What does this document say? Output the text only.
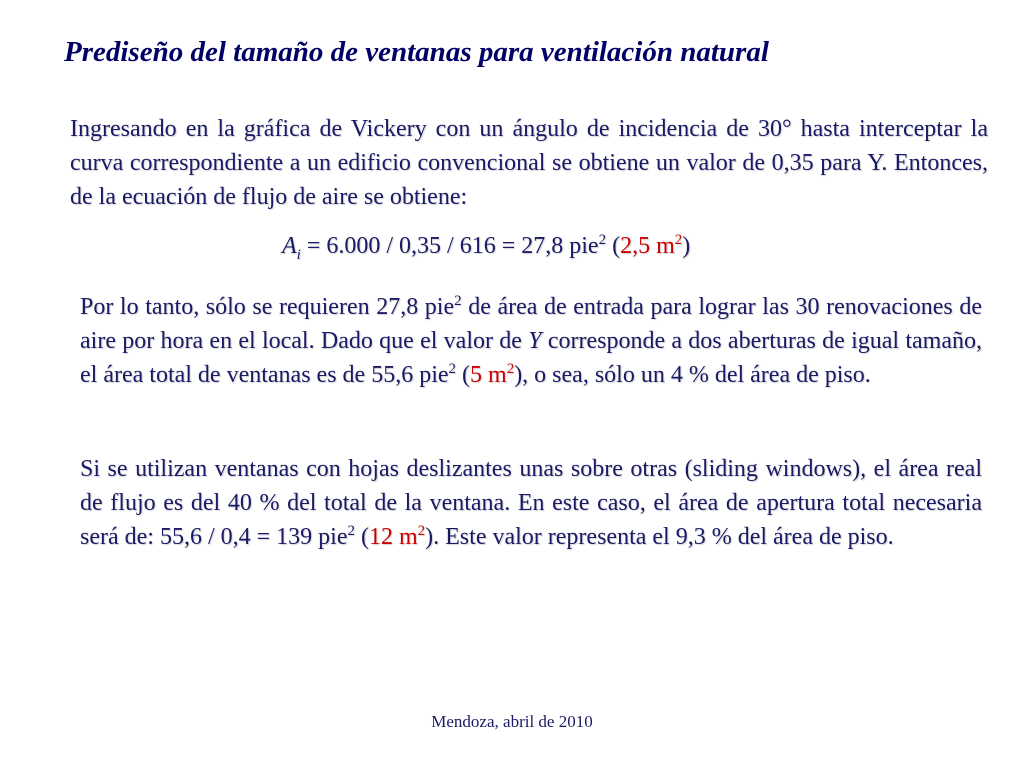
Prediseño del tamaño de ventanas para ventilación natural
Ingresando en la gráfica de Vickery con un ángulo de incidencia de 30° hasta interceptar la curva correspondiente a un edificio convencional se obtiene un valor de 0,35 para Y. Entonces, de la ecuación de flujo de aire se obtiene:
$A_i = 6.000 / 0,35 / 616 = 27,8$ pie$^2$ (2,5 $m^2$)
Por lo tanto, sólo se requieren 27,8 pie$^2$ de área de entrada para lograr las 30 renovaciones de aire por hora en el local. Dado que el valor de Y corresponde a dos aberturas de igual tamaño, el área total de ventanas es de 55,6 pie$^2$ (5 $m^2$), o sea, sólo un 4 % del área de piso.
Si se utilizan ventanas con hojas deslizantes unas sobre otras (sliding windows), el área real de flujo es del 40 % del total de la ventana. En este caso, el área de apertura total necesaria será de: 55,6 / 0,4 = 139 pie$^2$ (12 $m^2$). Este valor representa el 9,3 % del área de piso.
Mendoza, abril de 2010
